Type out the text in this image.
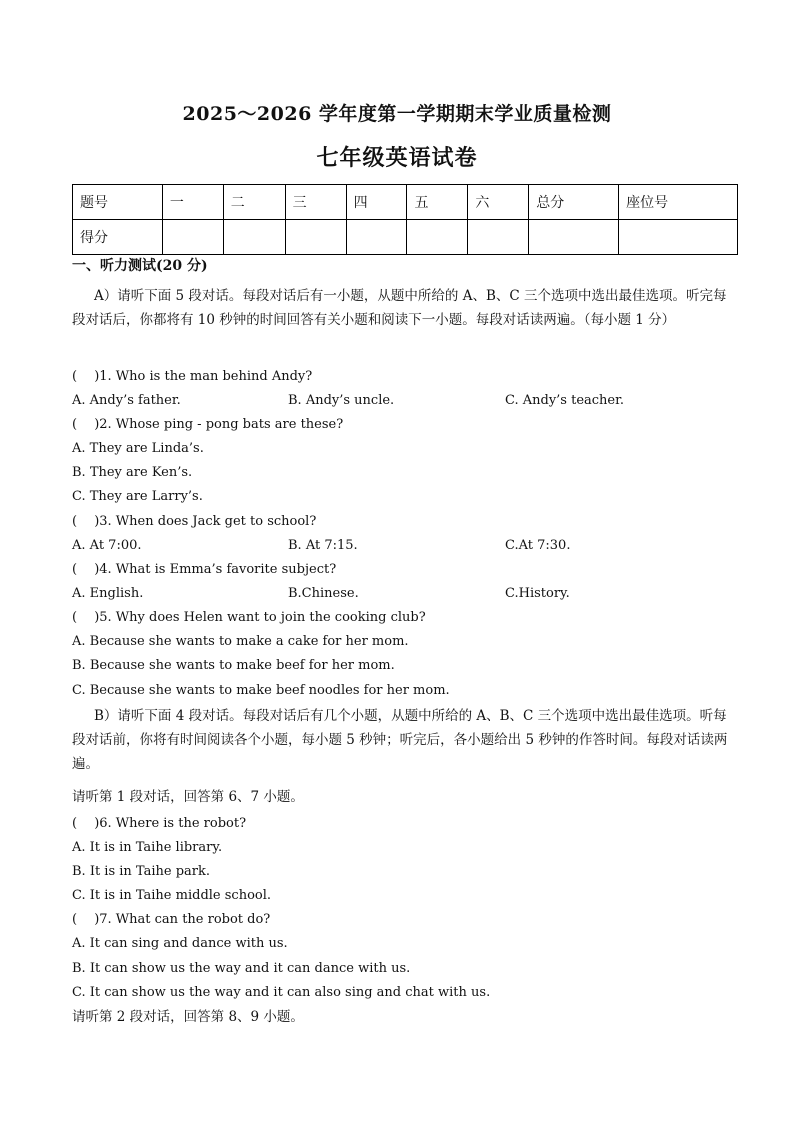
2025～2026 学年度第一学期期末学业质量检测
七年级英语试卷
题号	一	二	三	四	五	六	总分	座位号
得分								
一、听力测试(20 分)
A）请听下面 5 段对话。每段对话后有一小题，从题中所给的 A、B、C 三个选项中选出最佳选项。听完每段对话后，你都将有 10 秒钟的时间回答有关小题和阅读下一小题。每段对话读两遍。（每小题 1 分）
(　 )1. Who is the man behind Andy?
A. Andy’s father.	B. Andy’s uncle.	C. Andy’s teacher.
(　 )2. Whose ping - pong bats are these?
A. They are Linda’s.
B. They are Ken’s.
C. They are Larry’s.
(　 )3. When does Jack get to school?
A. At 7:00.	B. At 7:15.	C.At 7:30.
(　 )4. What is Emma’s favorite subject?
A. English.	B.Chinese.	C.History.
(　 )5. Why does Helen want to join the cooking club?
A. Because she wants to make a cake for her mom.
B. Because she wants to make beef for her mom.
C. Because she wants to make beef noodles for her mom.
B）请听下面 4 段对话。每段对话后有几个小题，从题中所给的 A、B、C 三个选项中选出最佳选项。听每段对话前，你将有时间阅读各个小题，每小题 5 秒钟；听完后，各小题给出 5 秒钟的作答时间。每段对话读两遍。
请听第 1 段对话，回答第 6、7 小题。
(　 )6. Where is the robot?
A. It is in Taihe library.
B. It is in Taihe park.
C. It is in Taihe middle school.
(　 )7. What can the robot do?
A. It can sing and dance with us.
B. It can show us the way and it can dance with us.
C. It can show us the way and it can also sing and chat with us.
请听第 2 段对话，回答第 8、9 小题。
